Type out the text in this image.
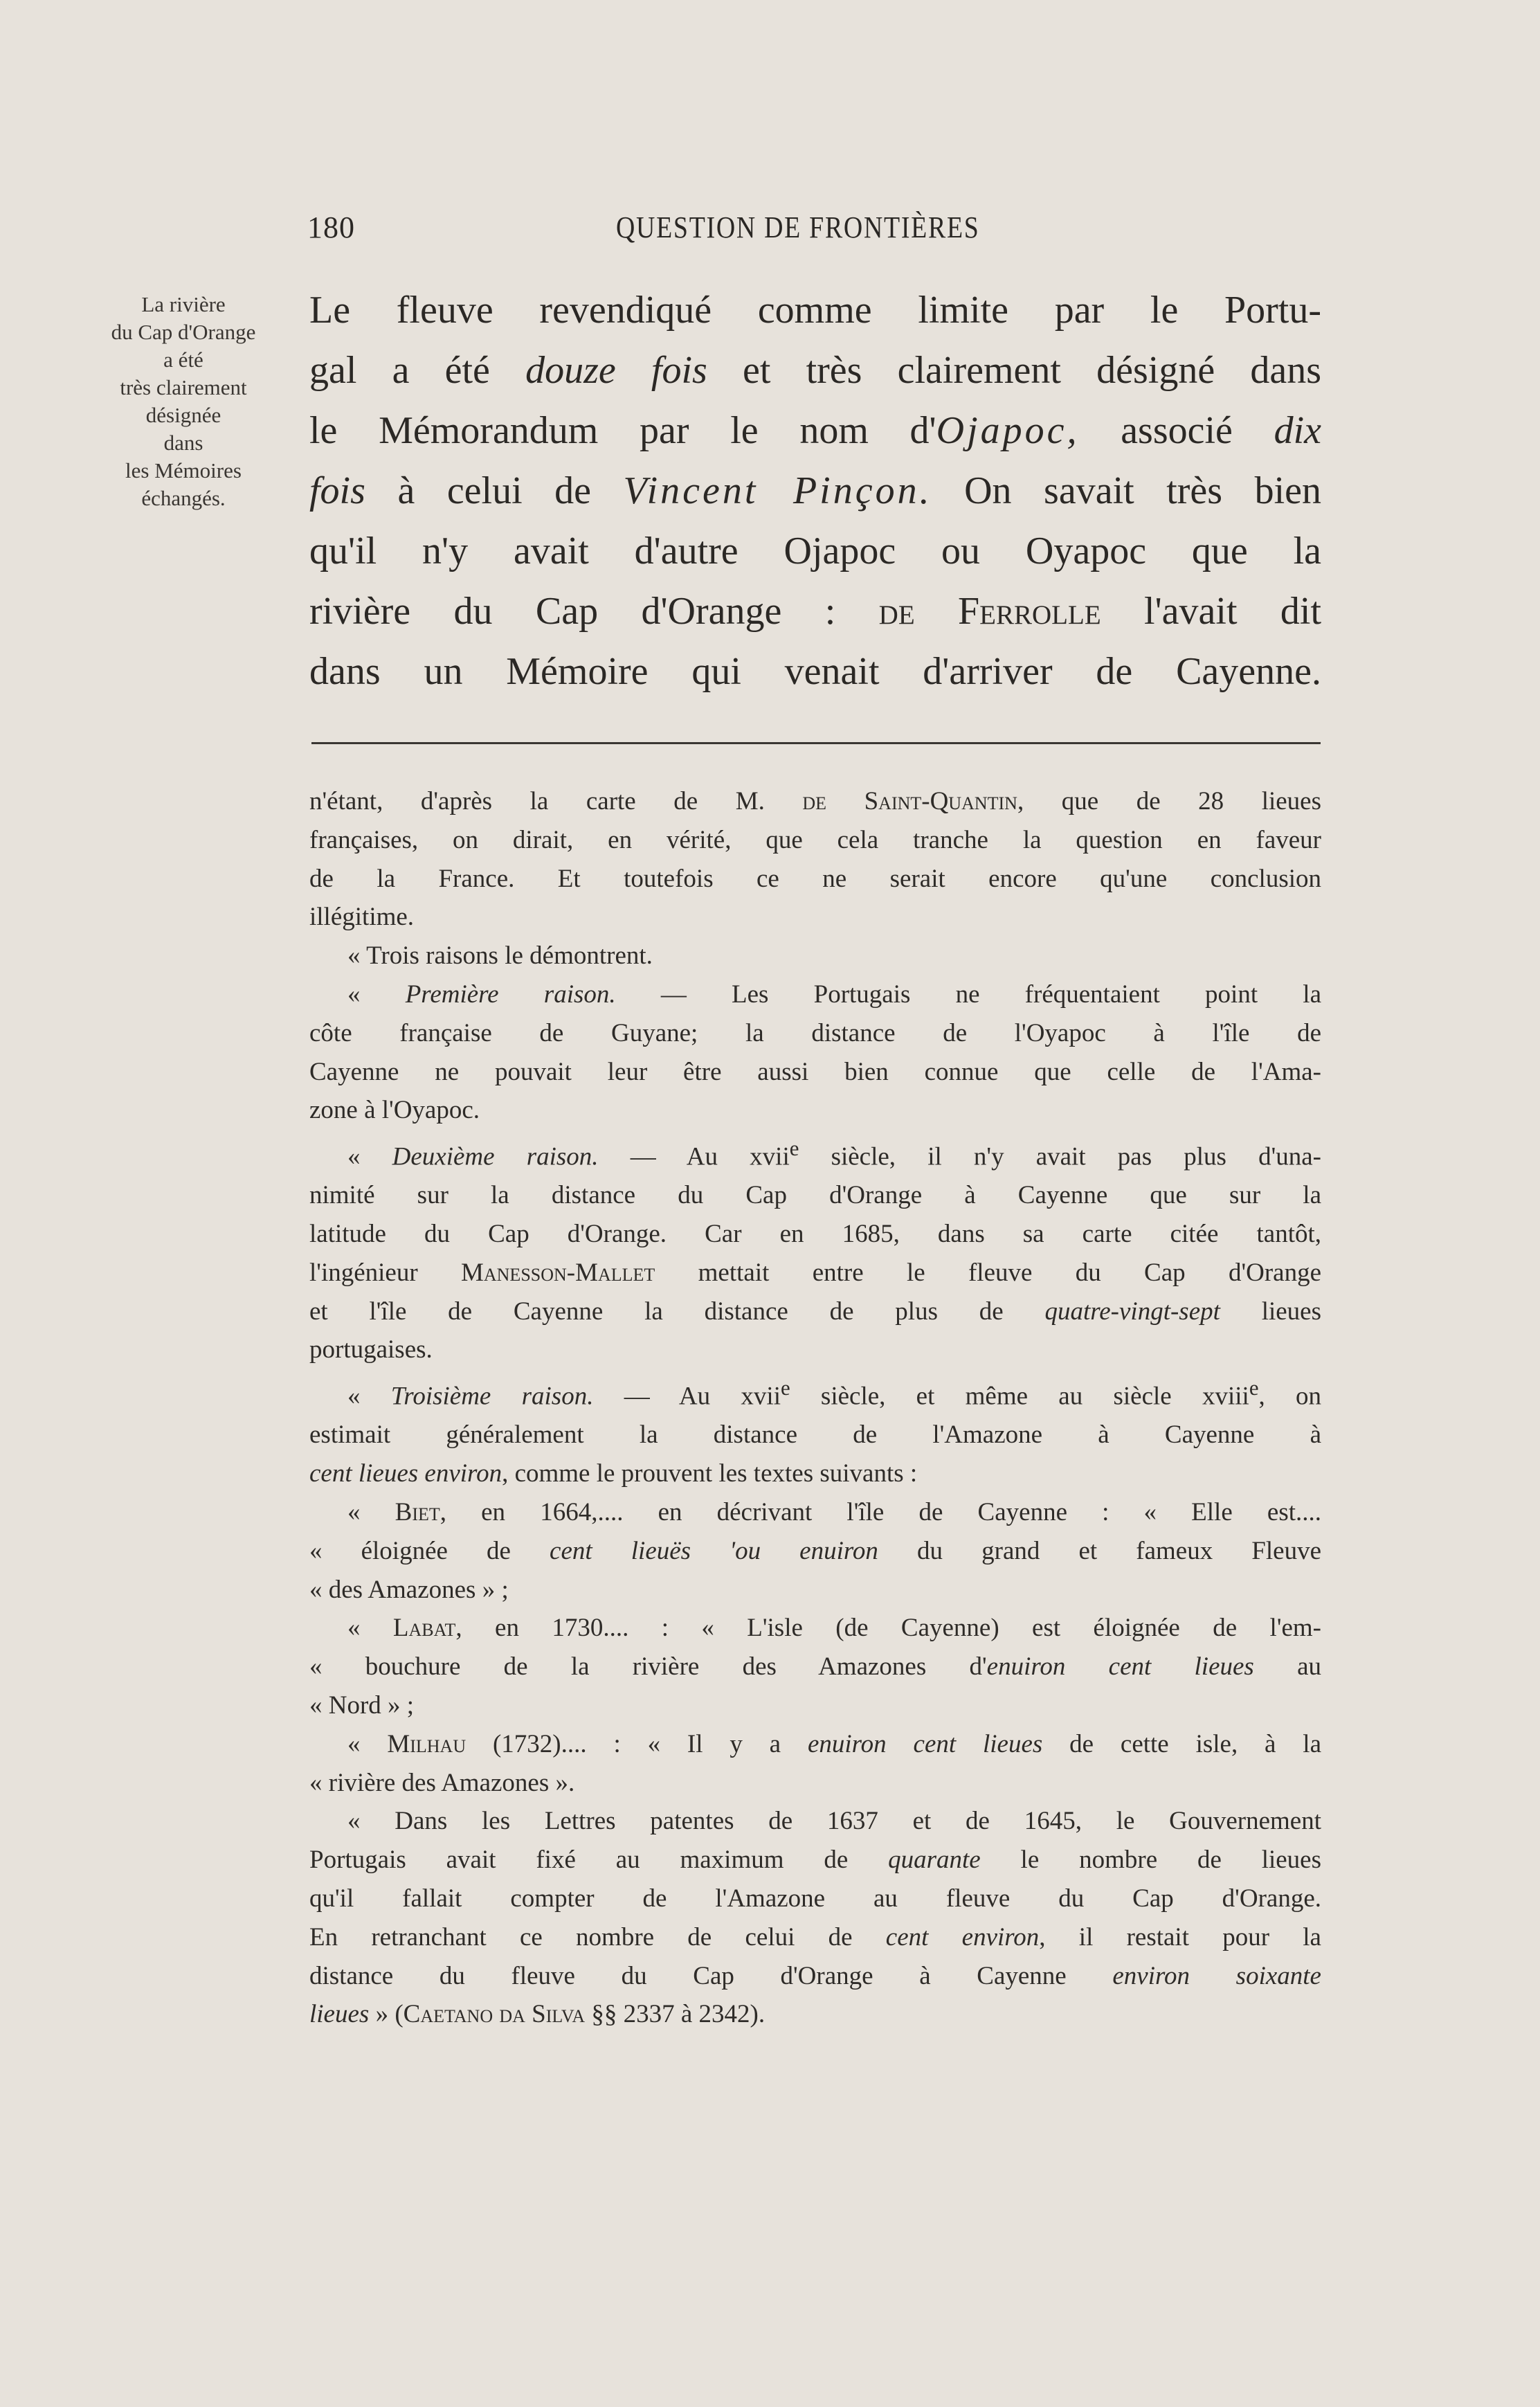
180	QUESTION DE FRONTIÈRES
La rivière
du Cap d'Orange
a été
très clairement
désignée
dans
les Mémoires
échangés.
Le fleuve revendiqué comme limite par le Portu-
gal a été douze fois et très clairement désigné dans
le Mémorandum par le nom d'Ojapoc, associé dix
fois à celui de Vincent Pinçon. On savait très bien
qu'il n'y avait d'autre Ojapoc ou Oyapoc que la
rivière du Cap d'Orange : de Ferrolle l'avait dit
dans un Mémoire qui venait d'arriver de Cayenne.
n'étant, d'après la carte de M. de Saint-Quantin, que de 28 lieues
françaises, on dirait, en vérité, que cela tranche la question en faveur
de la France. Et toutefois ce ne serait encore qu'une conclusion
illégitime.
« Trois raisons le démontrent.
« Première raison. — Les Portugais ne fréquentaient point la
côte française de Guyane; la distance de l'Oyapoc à l'île de
Cayenne ne pouvait leur être aussi bien connue que celle de l'Ama-
zone à l'Oyapoc.
« Deuxième raison. — Au xvii$^e$ siècle, il n'y avait pas plus d'una-
nimité sur la distance du Cap d'Orange à Cayenne que sur la
latitude du Cap d'Orange. Car en 1685, dans sa carte citée tantôt,
l'ingénieur Manesson-Mallet mettait entre le fleuve du Cap d'Orange
et l'île de Cayenne la distance de plus de quatre-vingt-sept lieues
portugaises.
« Troisième raison. — Au xvii$^e$ siècle, et même au siècle xviii$^e$, on
estimait généralement la distance de l'Amazone à Cayenne à
cent lieues environ, comme le prouvent les textes suivants :
« Biet, en 1664,.... en décrivant l'île de Cayenne : « Elle est....
« éloignée de cent lieuës 'ou enuiron du grand et fameux Fleuve
« des Amazones » ;
« Labat, en 1730.... : « L'isle (de Cayenne) est éloignée de l'em-
« bouchure de la rivière des Amazones d'enuiron cent lieues au
« Nord » ;
« Milhau (1732).... : « Il y a enuiron cent lieues de cette isle, à la
« rivière des Amazones ».
« Dans les Lettres patentes de 1637 et de 1645, le Gouvernement
Portugais avait fixé au maximum de quarante le nombre de lieues
qu'il fallait compter de l'Amazone au fleuve du Cap d'Orange.
En retranchant ce nombre de celui de cent environ, il restait pour la
distance du fleuve du Cap d'Orange à Cayenne environ soixante
lieues » (Caetano da Silva §§ 2337 à 2342).
